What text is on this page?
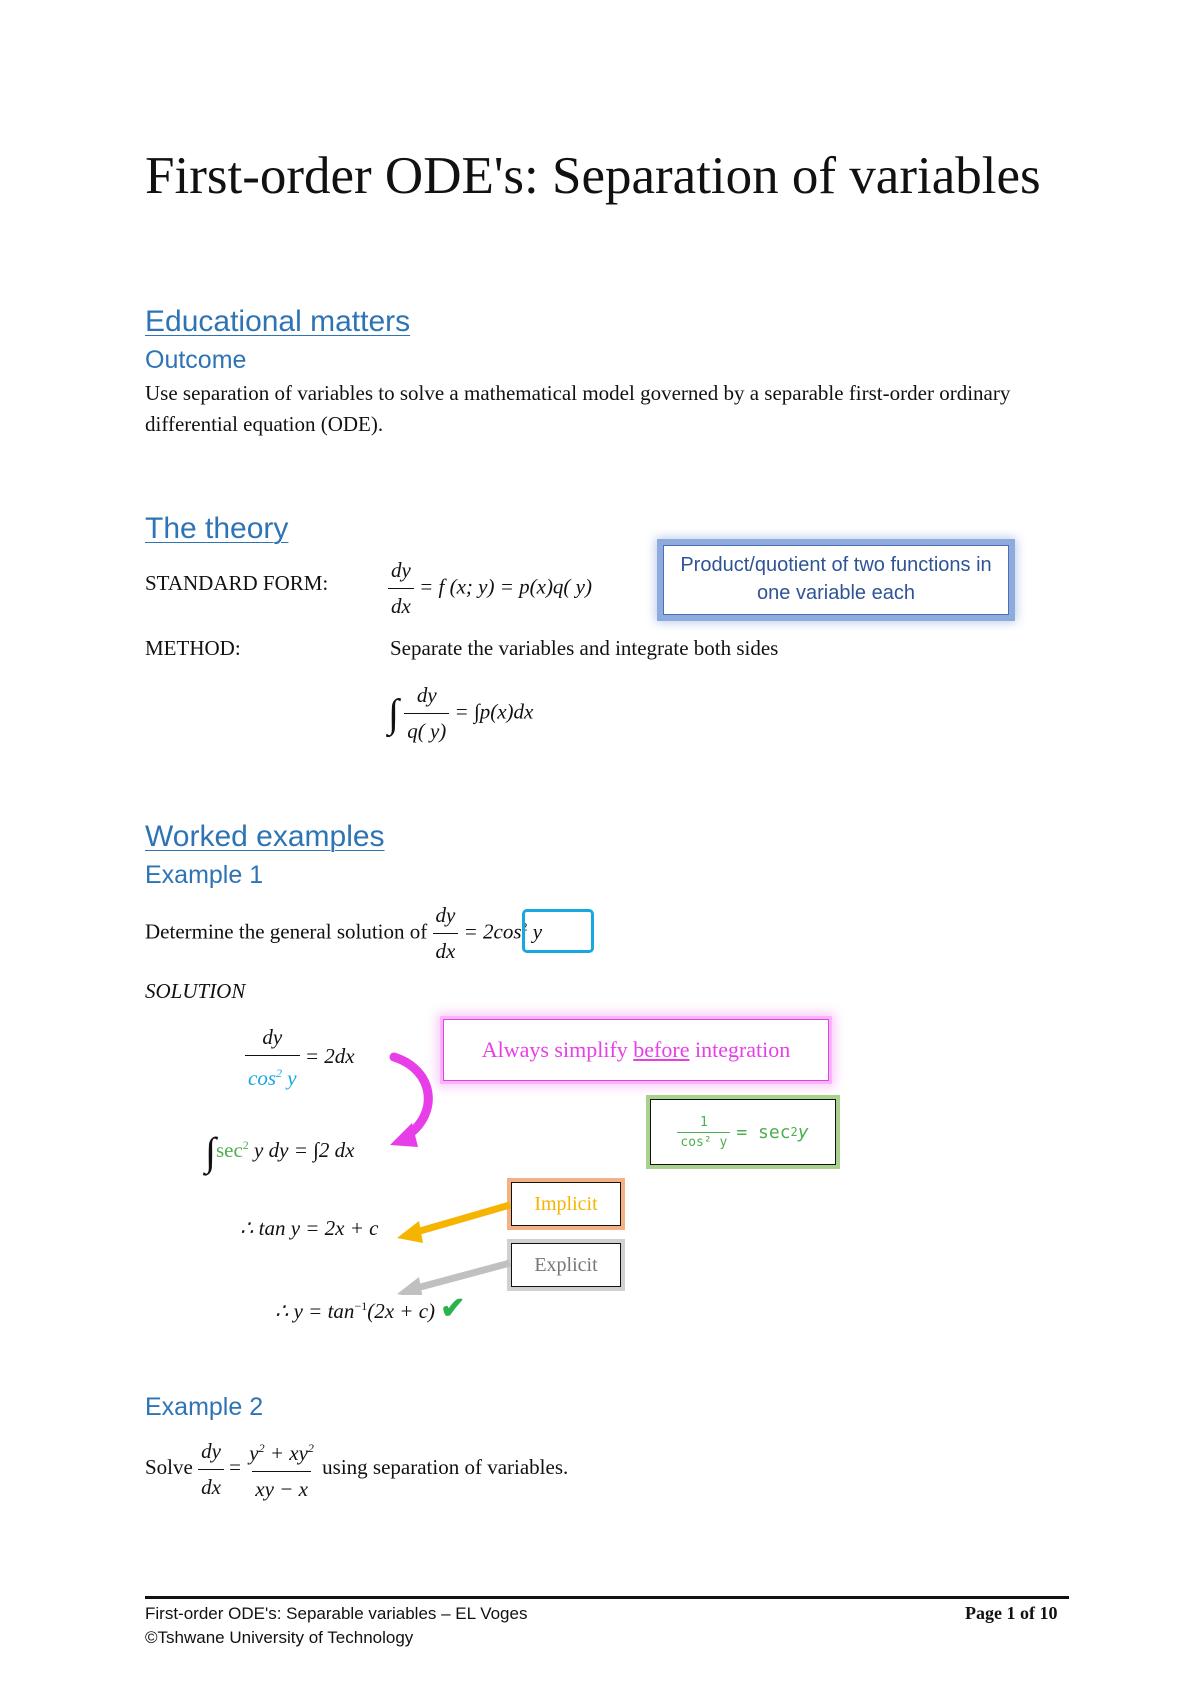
First-order ODE's: Separation of variables
Educational matters
Outcome
Use separation of variables to solve a mathematical model governed by a separable first-order ordinary differential equation (ODE).
The theory
STANDARD FORM:	$\frac{dy}{dx} = f$ (x; y) = p(x)q( y)
Product/quotient of two functions in one variable each
METHOD:	Separate the variables and integrate both sides
∫ $\frac{dy}{q( y)} = \int p(x)dx$
Worked examples
Example 1
Determine the general solution of $\frac{dy}{dx} = 2\cos^2$ y
SOLUTION
$\frac{dy}{\cos^2 y} = 2dx$	Always simplify before integration
$\frac{1}{\text{cos² y}} = \sec 2$ y
$\int\sec^2$ y dy = ∫2 dx
Implicit
Explicit
∴ tan y = 2x + c
∴ $y = \tan^{-1}(2x + c)$ ✔
Example 2
Solve $\frac{dy}{dx} = \frac{y^2 + xy^2}{xy - x}$ using separation of variables.
First-order ODE's: Separable variables – EL Voges	Page 1 of 10
©Tshwane University of Technology
